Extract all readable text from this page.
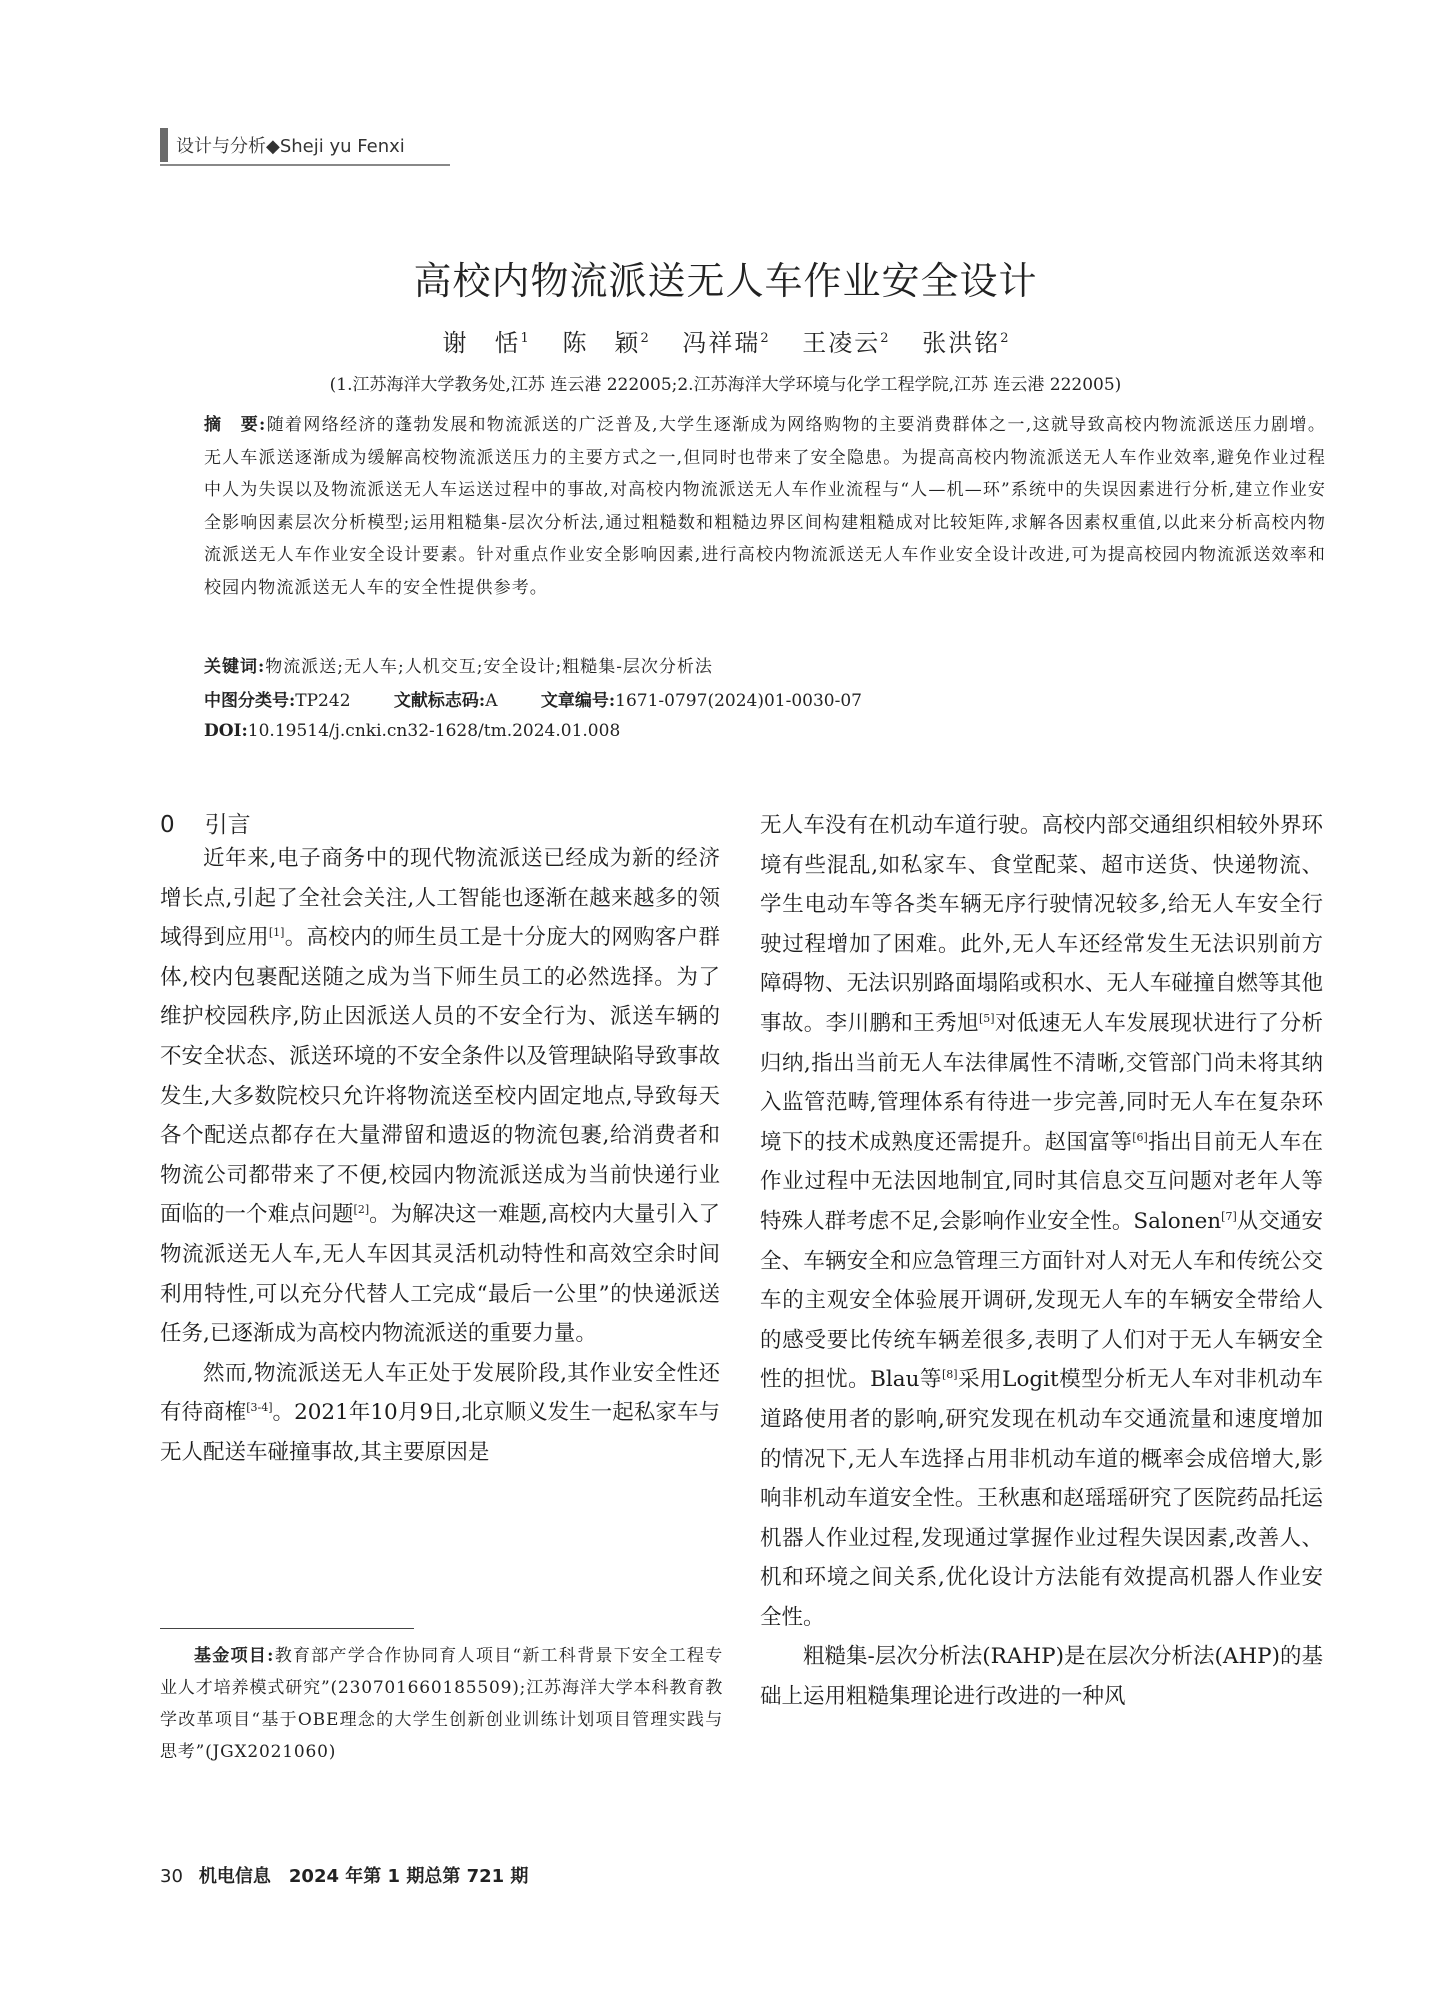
设计与分析◆Sheji yu Fenxi
高校内物流派送无人车作业安全设计
谢　恬$^1$ 陈　颖$^2$ 冯祥瑞$^2$ 王凌云$^2$ 张洪铭$^2$
(1.江苏海洋大学教务处,江苏 连云港 222005;2.江苏海洋大学环境与化学工程学院,江苏 连云港 222005)
摘　要:随着网络经济的蓬勃发展和物流派送的广泛普及,大学生逐渐成为网络购物的主要消费群体之一,这就导致高校内物流派送压力剧增。无人车派送逐渐成为缓解高校物流派送压力的主要方式之一,但同时也带来了安全隐患。为提高高校内物流派送无人车作业效率,避免作业过程中人为失误以及物流派送无人车运送过程中的事故,对高校内物流派送无人车作业流程与“人—机—环”系统中的失误因素进行分析,建立作业安全影响因素层次分析模型;运用粗糙集-层次分析法,通过粗糙数和粗糙边界区间构建粗糙成对比较矩阵,求解各因素权重值,以此来分析高校内物流派送无人车作业安全设计要素。针对重点作业安全影响因素,进行高校内物流派送无人车作业安全设计改进,可为提高校园内物流派送效率和校园内物流派送无人车的安全性提供参考。
关键词:物流派送;无人车;人机交互;安全设计;粗糙集-层次分析法
中图分类号:TP242	文献标志码:A	文章编号:1671-0797(2024)01-0030-07
DOI:10.19514/j.cnki.cn32-1628/tm.2024.01.008
0 引言

近年来,电子商务中的现代物流派送已经成为新的经济增长点,引起了全社会关注,人工智能也逐渐在越来越多的领域得到应用[1]。高校内的师生员工是十分庞大的网购客户群体,校内包裹配送随之成为当下师生员工的必然选择。为了维护校园秩序,防止因派送人员的不安全行为、派送车辆的不安全状态、派送环境的不安全条件以及管理缺陷导致事故发生,大多数院校只允许将物流送至校内固定地点,导致每天各个配送点都存在大量滞留和遗返的物流包裹,给消费者和物流公司都带来了不便,校园内物流派送成为当前快递行业面临的一个难点问题[2]。为解决这一难题,高校内大量引入了物流派送无人车,无人车因其灵活机动特性和高效空余时间利用特性,可以充分代替人工完成“最后一公里”的快递派送任务,已逐渐成为高校内物流派送的重要力量。

然而,物流派送无人车正处于发展阶段,其作业安全性还有待商榷[3-4]。2021年10月9日,北京顺义发生一起私家车与无人配送车碰撞事故,其主要原因是

无人车没有在机动车道行驶。高校内部交通组织相较外界环境有些混乱,如私家车、食堂配菜、超市送货、快递物流、学生电动车等各类车辆无序行驶情况较多,给无人车安全行驶过程增加了困难。此外,无人车还经常发生无法识别前方障碍物、无法识别路面塌陷或积水、无人车碰撞自燃等其他事故。李川鹏和王秀旭[5]对低速无人车发展现状进行了分析归纳,指出当前无人车法律属性不清晰,交管部门尚未将其纳入监管范畴,管理体系有待进一步完善,同时无人车在复杂环境下的技术成熟度还需提升。赵国富等[6]指出目前无人车在作业过程中无法因地制宜,同时其信息交互问题对老年人等特殊人群考虑不足,会影响作业安全性。Salonen[7]从交通安全、车辆安全和应急管理三方面针对人对无人车和传统公交车的主观安全体验展开调研,发现无人车的车辆安全带给人的感受要比传统车辆差很多,表明了人们对于无人车辆安全性的担忧。Blau等[8]采用Logit模型分析无人车对非机动车道路使用者的影响,研究发现在机动车交通流量和速度增加的情况下,无人车选择占用非机动车道的概率会成倍增大,影响非机动车道安全性。王秋惠和赵瑶瑶研究了医院药品托运机器人作业过程,发现通过掌握作业过程失误因素,改善人、机和环境之间关系,优化设计方法能有效提高机器人作业安全性。

粗糙集-层次分析法(RAHP)是在层次分析法(AHP)的基础上运用粗糙集理论进行改进的一种风

基金项目:教育部产学合作协同育人项目“新工科背景下安全工程专业人才培养模式研究”(230701660185509);江苏海洋大学本科教育教学改革项目“基于OBE理念的大学生创新创业训练计划项目管理实践与思考”(JGX2021060)
30 机电信息 2024 年第 1 期总第 721 期
